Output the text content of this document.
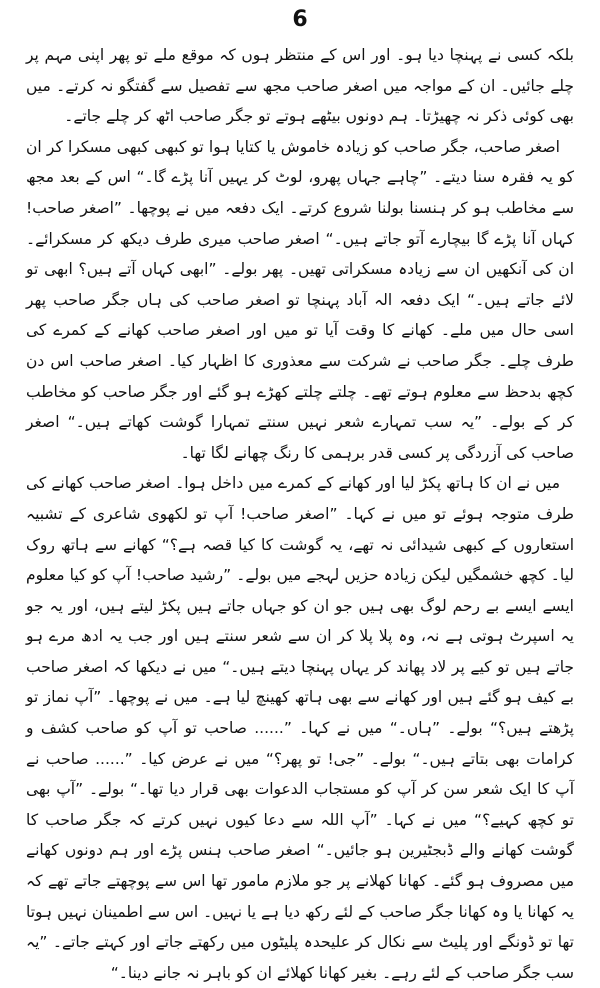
6

بلکہ کسی نے پہنچا دیا ہو۔ اور اس کے منتظر ہوں کہ موقع ملے تو پھر اپنی مہم پر چلے جائیں۔ ان کے مواجہ میں اصغر صاحب مجھ سے تفصیل سے گفتگو نہ کرتے۔ میں بھی کوئی ذکر نہ چھیڑتا۔ ہم دونوں بیٹھے ہوتے تو جگر صاحب اٹھ کر چلے جاتے۔

اصغر صاحب، جگر صاحب کو زیادہ خاموش یا کتایا ہوا تو کبھی کبھی مسکرا کر ان کو یہ فقرہ سنا دیتے۔ ”چاہے جہاں پھرو، لوٹ کر یہیں آنا پڑے گا۔“ اس کے بعد مجھ سے مخاطب ہو کر ہنسنا بولنا شروع کرتے۔ ایک دفعہ میں نے پوچھا۔ ”اصغر صاحب! کہاں آنا پڑے گا بیچارے آتو جاتے ہیں۔“ اصغر صاحب میری طرف دیکھ کر مسکرائے۔ ان کی آنکھیں ان سے زیادہ مسکراتی تھیں۔ پھر بولے۔ ”ابھی کہاں آتے ہیں؟ ابھی تو لائے جاتے ہیں۔“ ایک دفعہ الہ آباد پہنچا تو اصغر صاحب کی ہاں جگر صاحب پھر اسی حال میں ملے۔ کھانے کا وقت آیا تو میں اور اصغر صاحب کھانے کے کمرے کی طرف چلے۔ جگر صاحب نے شرکت سے معذوری کا اظہار کیا۔ اصغر صاحب اس دن کچھ بدحظ سے معلوم ہوتے تھے۔ چلتے چلتے کھڑے ہو گئے اور جگر صاحب کو مخاطب کر کے بولے۔ ”یہ سب تمہارے شعر نہیں سنتے تمہارا گوشت کھاتے ہیں۔“ اصغر صاحب کی آزردگی پر کسی قدر برہمی کا رنگ چھانے لگا تھا۔

میں نے ان کا ہاتھ پکڑ لیا اور کھانے کے کمرے میں داخل ہوا۔ اصغر صاحب کھانے کی طرف متوجہ ہوئے تو میں نے کہا۔ ”اصغر صاحب! آپ تو لکھوی شاعری کے تشبیہ استعاروں کے کبھی شیدائی نہ تھے، یہ گوشت کا کیا قصہ ہے؟“ کھانے سے ہاتھ روک لیا۔ کچھ خشمگیں لیکن زیادہ حزیں لہجے میں بولے۔ ”رشید صاحب! آپ کو کیا معلوم ایسے ایسے بے رحم لوگ بھی ہیں جو ان کو جہاں جاتے ہیں پکڑ لیتے ہیں، اور یہ جو یہ اسپرٹ ہوتی ہے نہ، وہ پلا پلا کر ان سے شعر سنتے ہیں اور جب یہ ادھ مرے ہو جاتے ہیں تو کیے پر لاد پھاند کر یہاں پہنچا دیتے ہیں۔“ میں نے دیکھا کہ اصغر صاحب بے کیف ہو گئے ہیں اور کھانے سے بھی ہاتھ کھینچ لیا ہے۔ میں نے پوچھا۔ ”آپ نماز تو پڑھتے ہیں؟“ بولے۔ ”ہاں۔“ میں نے کہا۔ ”...... صاحب تو آپ کو صاحب کشف و کرامات بھی بتاتے ہیں۔“ بولے۔ ”جی! تو پھر؟“ میں نے عرض کیا۔ ”...... صاحب نے آپ کا ایک شعر سن کر آپ کو مستجاب الدعوات بھی قرار دیا تھا۔“ بولے۔ ”آپ بھی تو کچھ کہیے؟“ میں نے کہا۔ ”آپ اللہ سے دعا کیوں نہیں کرتے کہ جگر صاحب کا گوشت کھانے والے ڈبجٹیرین ہو جائیں۔“ اصغر صاحب ہنس پڑے اور ہم دونوں کھانے میں مصروف ہو گئے۔ کھانا کھلانے پر جو ملازم مامور تھا اس سے پوچھتے جاتے تھے کہ یہ کھانا یا وہ کھانا جگر صاحب کے لئے رکھ دیا ہے یا نہیں۔ اس سے اطمینان نہیں ہوتا تھا تو ڈونگے اور پلیٹ سے نکال کر علیحدہ پلیٹوں میں رکھتے جاتے اور کہتے جاتے۔ ”یہ سب جگر صاحب کے لئے رہے۔ بغیر کھانا کھلائے ان کو باہر نہ جانے دینا۔“
